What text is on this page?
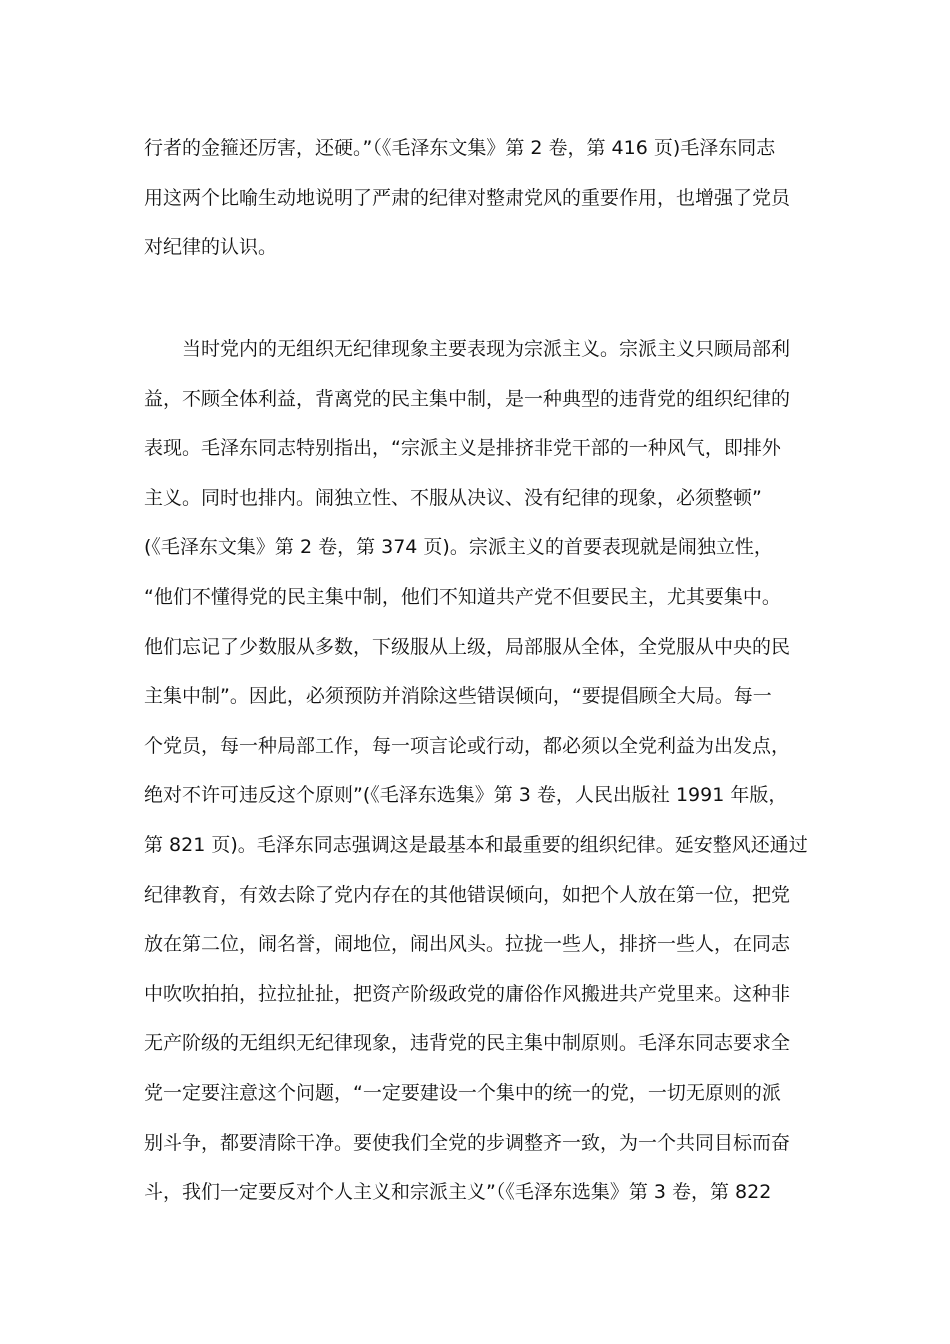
行者的金箍还厉害，还硬。”（《毛泽东文集》第 2 卷，第 416 页)毛泽东同志
用这两个比喻生动地说明了严肃的纪律对整肃党风的重要作用，也增强了党员
对纪律的认识。
当时党内的无组织无纪律现象主要表现为宗派主义。宗派主义只顾局部利
益，不顾全体利益，背离党的民主集中制，是一种典型的违背党的组织纪律的
表现。毛泽东同志特别指出，“宗派主义是排挤非党干部的一种风气，即排外
主义。同时也排内。闹独立性、不服从决议、没有纪律的现象，必须整顿”
(《毛泽东文集》第 2 卷，第 374 页)。宗派主义的首要表现就是闹独立性，
“他们不懂得党的民主集中制，他们不知道共产党不但要民主，尤其要集中。
他们忘记了少数服从多数，下级服从上级，局部服从全体，全党服从中央的民
主集中制”。因此，必须预防并消除这些错误倾向，“要提倡顾全大局。每一
个党员，每一种局部工作，每一项言论或行动，都必须以全党利益为出发点，
绝对不许可违反这个原则”(《毛泽东选集》第 3 卷，人民出版社 1991 年版，
第 821 页)。毛泽东同志强调这是最基本和最重要的组织纪律。延安整风还通过
纪律教育，有效去除了党内存在的其他错误倾向，如把个人放在第一位，把党
放在第二位，闹名誉，闹地位，闹出风头。拉拢一些人，排挤一些人，在同志
中吹吹拍拍，拉拉扯扯，把资产阶级政党的庸俗作风搬进共产党里来。这种非
无产阶级的无组织无纪律现象，违背党的民主集中制原则。毛泽东同志要求全
党一定要注意这个问题，“一定要建设一个集中的统一的党，一切无原则的派
别斗争，都要清除干净。要使我们全党的步调整齐一致，为一个共同目标而奋
斗，我们一定要反对个人主义和宗派主义”（《毛泽东选集》第 3 卷，第 822
